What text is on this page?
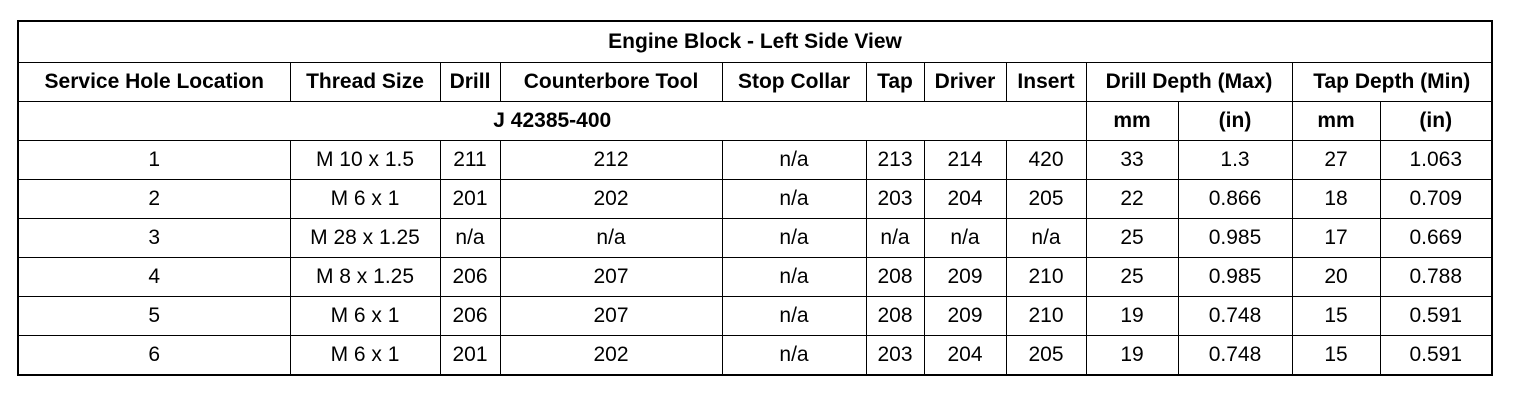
Engine Block - Left Side View											
Service Hole Location	Thread Size	Drill	Counterbore Tool	Stop Collar	Tap	Driver	Insert	Drill Depth (Max)		Tap Depth (Min)	
J 42385-400								mm	(in)	mm	(in)
1	M 10 x 1.5	211	212	n/a	213	214	420	33	1.3	27	1.063
2	M 6 x 1	201	202	n/a	203	204	205	22	0.866	18	0.709
3	M 28 x 1.25	n/a	n/a	n/a	n/a	n/a	n/a	25	0.985	17	0.669
4	M 8 x 1.25	206	207	n/a	208	209	210	25	0.985	20	0.788
5	M 6 x 1	206	207	n/a	208	209	210	19	0.748	15	0.591
6	M 6 x 1	201	202	n/a	203	204	205	19	0.748	15	0.591
